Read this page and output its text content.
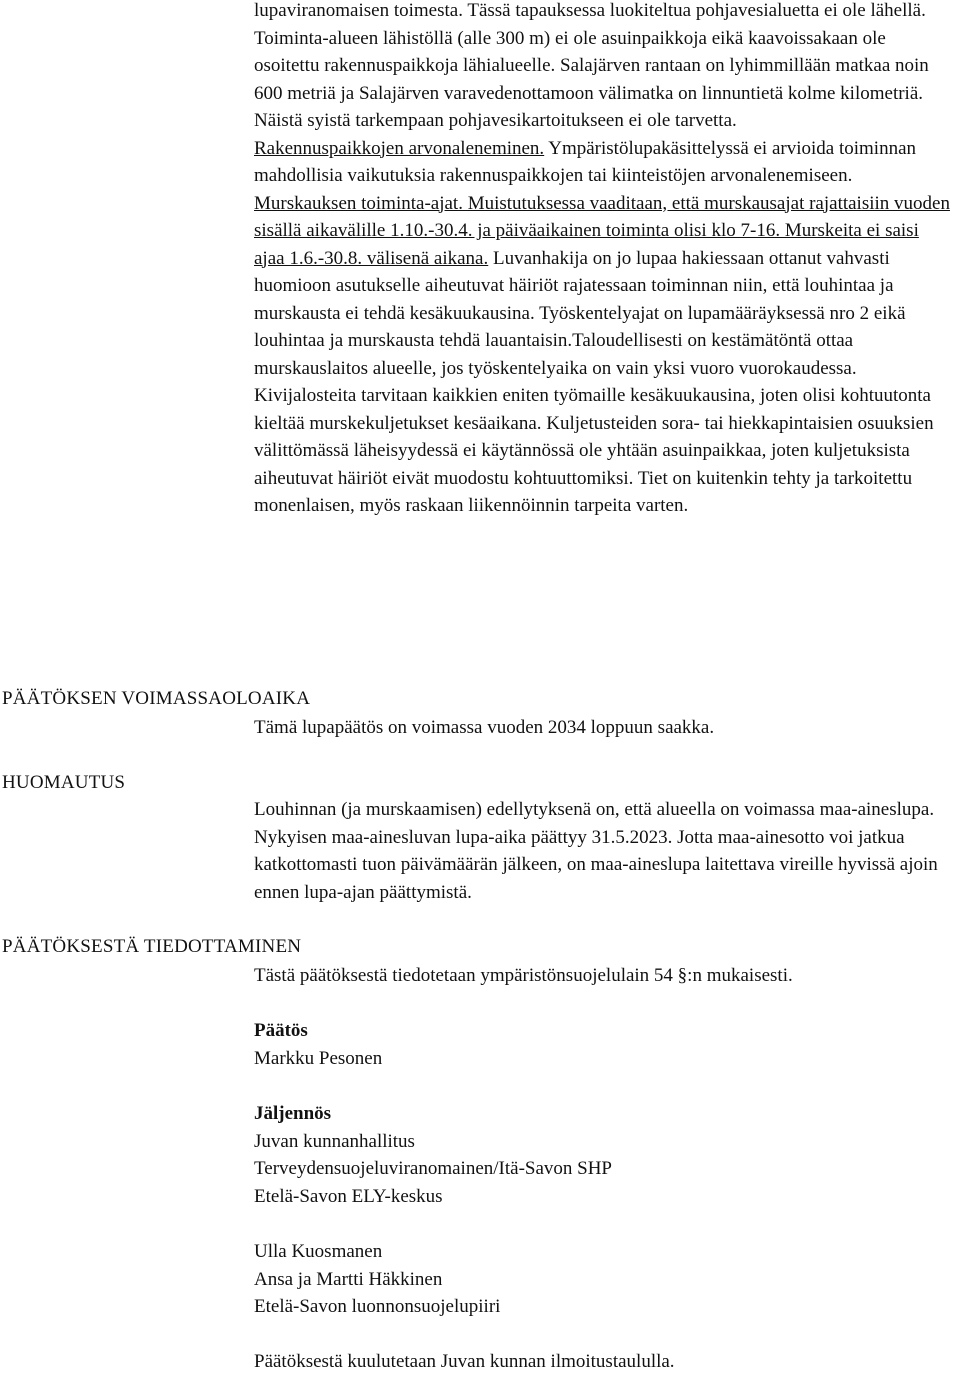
lupaviranomaisen toimesta. Tässä tapauksessa luokiteltua pohjavesialuetta ei ole lähellä. Toiminta-alueen lähistöllä (alle 300 m) ei ole asuinpaikkoja eikä kaavoissakaan ole osoitettu rakennuspaikkoja lähialueelle. Salajärven rantaan on lyhimmillään matkaa noin 600 metriä ja Salajärven varavedenottamoon välimatka on linnuntietä kolme kilometriä. Näistä syistä tarkempaan pohjavesikartoitukseen ei ole tarvetta.

Rakennuspaikkojen arvonaleneminen. Ympäristölupakäsittelyssä ei arvioida toiminnan mahdollisia vaikutuksia rakennuspaikkojen tai kiinteistöjen arvonalenemiseen.

Murskauksen toiminta-ajat. Muistutuksessa vaaditaan, että murskausajat rajattaisiin vuoden sisällä aikavälille 1.10.-30.4. ja päiväaikainen toiminta olisi klo 7-16. Murskeita ei saisi ajaa 1.6.-30.8. välisenä aikana. Luvanhakija on jo lupaa hakiessaan ottanut vahvasti huomioon asutukselle aiheutuvat häiriöt rajatessaan toiminnan niin, että louhintaa ja murskausta ei tehdä kesäkuukausina. Työskentelyajat on lupamääräyksessä nro 2 eikä louhintaa ja murskausta tehdä lauantaisin.Taloudellisesti on kestämätöntä ottaa murskauslaitos alueelle, jos työskentelyaika on vain yksi vuoro vuorokaudessa. Kivijalosteita tarvitaan kaikkien eniten työmaille kesäkuukausina, joten olisi kohtuutonta kieltää murskekuljetukset kesäaikana. Kuljetusteiden sora- tai hiekkapintaisien osuuksien välittömässä läheisyydessä ei käytännössä ole yhtään asuinpaikkaa, joten kuljetuksista aiheutuvat häiriöt eivät muodostu kohtuuttomiksi. Tiet on kuitenkin tehty ja tarkoitettu monenlaisen, myös raskaan liikennöinnin tarpeita varten.

PÄÄTÖKSEN VOIMASSAOLOAIKA
Tämä lupapäätös on voimassa vuoden 2034 loppuun saakka.
HUOMAUTUS
Louhinnan (ja murskaamisen) edellytyksenä on, että alueella on voimassa maa-aineslupa. Nykyisen maa-ainesluvan lupa-aika päättyy 31.5.2023. Jotta maa-ainesotto voi jatkua katkottomasti tuon päivämäärän jälkeen, on maa-aineslupa laitettava vireille hyvissä ajoin ennen lupa-ajan päättymistä.
PÄÄTÖKSESTÄ TIEDOTTAMINEN
Tästä päätöksestä tiedotetaan ympäristönsuojelulain 54 §:n mukaisesti.
Päätös
Markku Pesonen
Jäljennös
Juvan kunnanhallitus
Terveydensuojeluviranomainen/Itä-Savon SHP
Etelä-Savon ELY-keskus
Ulla Kuosmanen
Ansa ja Martti Häkkinen
Etelä-Savon luonnonsuojelupiiri
Päätöksestä kuulutetaan Juvan kunnan ilmoitustaululla.
